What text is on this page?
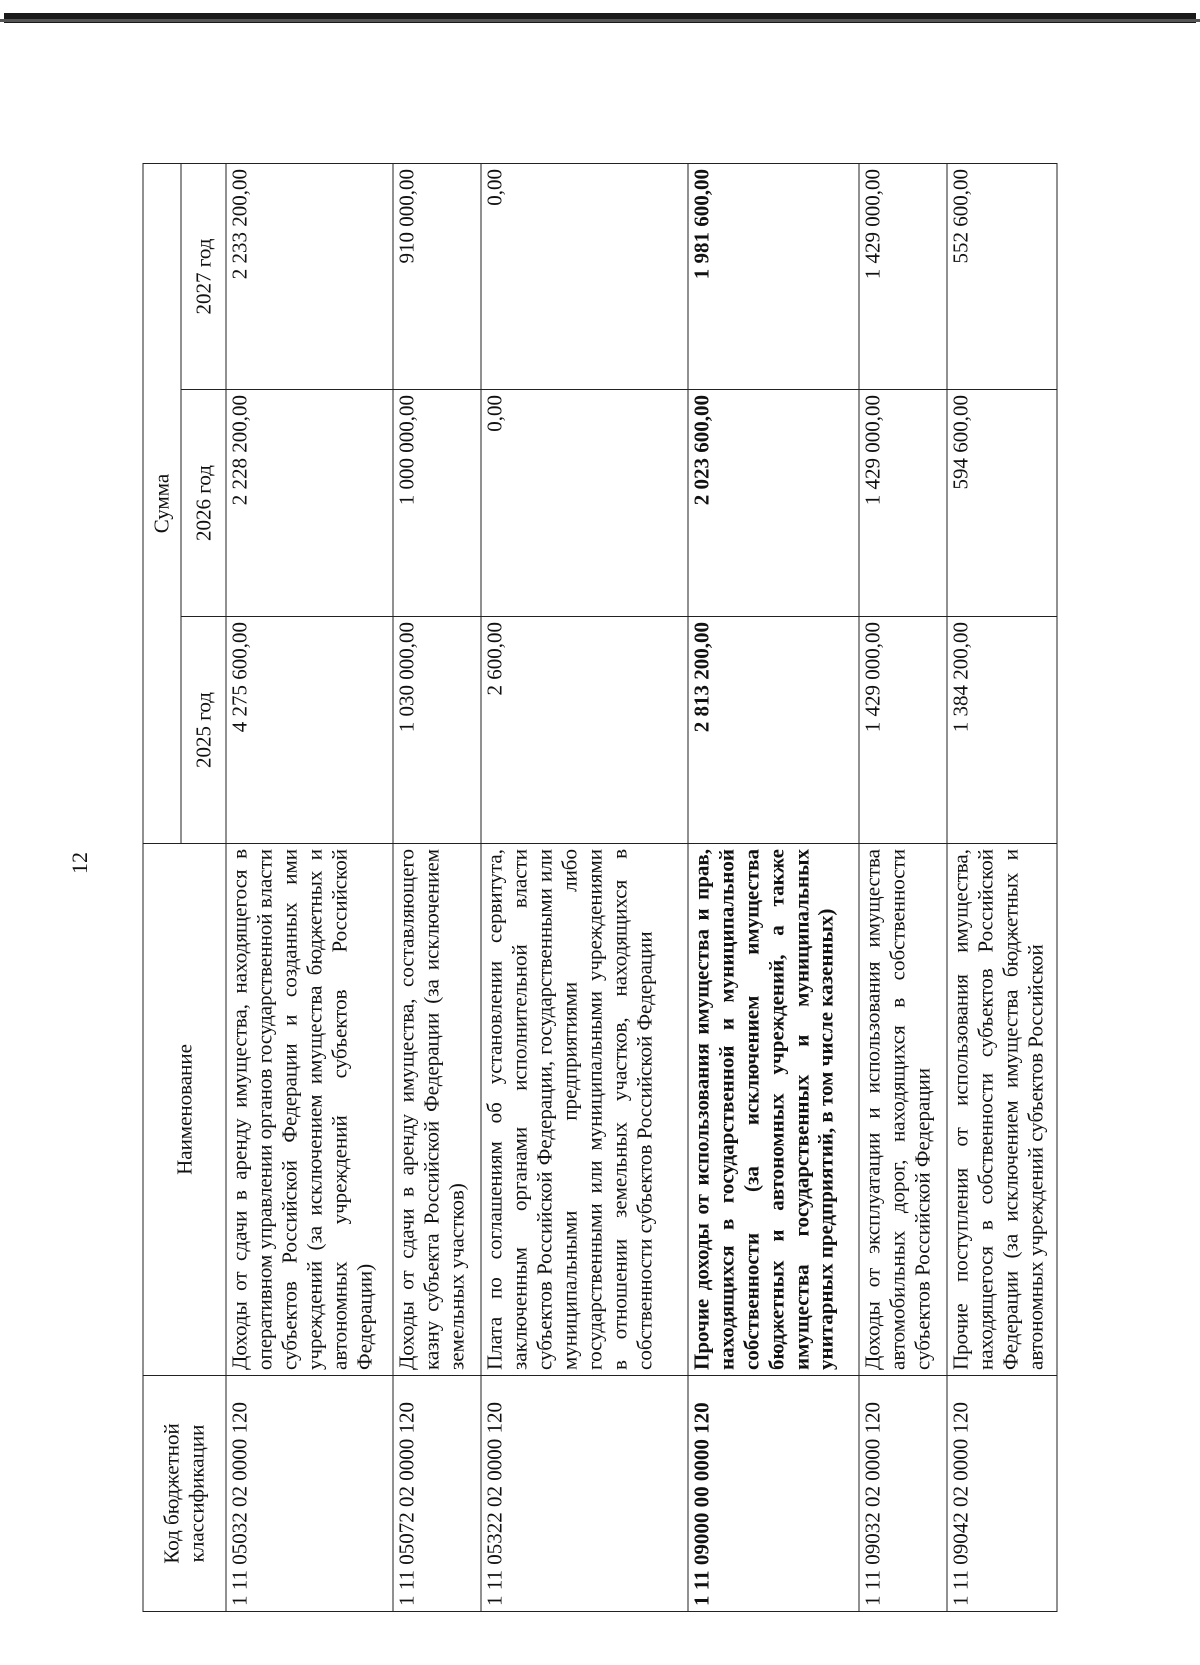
12
Код бюджетной классификации	Наименование	Сумма		
		2025 год	2026 год	2027 год
1 11 05032 02 0000 120	Доходы от сдачи в аренду имущества, находящегося в оперативном управлении органов государственной власти субъектов Российской Федерации и созданных ими учреждений (за исключением имущества бюджетных и автономных учреждений субъектов Российской Федерации)	4 275 600,00	2 228 200,00	2 233 200,00
1 11 05072 02 0000 120	Доходы от сдачи в аренду имущества, составляющего казну субъекта Российской Федерации (за исключением земельных участков)	1 030 000,00	1 000 000,00	910 000,00
1 11 05322 02 0000 120	Плата по соглашениям об установлении сервитута, заключенным органами исполнительной власти субъектов Российской Федерации, государственными или муниципальными предприятиями либо государственными или муниципальными учреждениями в отношении земельных участков, находящихся в собственности субъектов Российской Федерации	2 600,00	0,00	0,00
1 11 09000 00 0000 120	Прочие доходы от использования имущества и прав, находящихся в государственной и муниципальной собственности (за исключением имущества бюджетных и автономных учреждений, а также имущества государственных и муниципальных унитарных предприятий, в том числе казенных)	2 813 200,00	2 023 600,00	1 981 600,00
1 11 09032 02 0000 120	Доходы от эксплуатации и использования имущества автомобильных дорог, находящихся в собственности субъектов Российской Федерации	1 429 000,00	1 429 000,00	1 429 000,00
1 11 09042 02 0000 120	Прочие поступления от использования имущества, находящегося в собственности субъектов Российской Федерации (за исключением имущества бюджетных и автономных учреждений субъектов Российской	1 384 200,00	594 600,00	552 600,00
